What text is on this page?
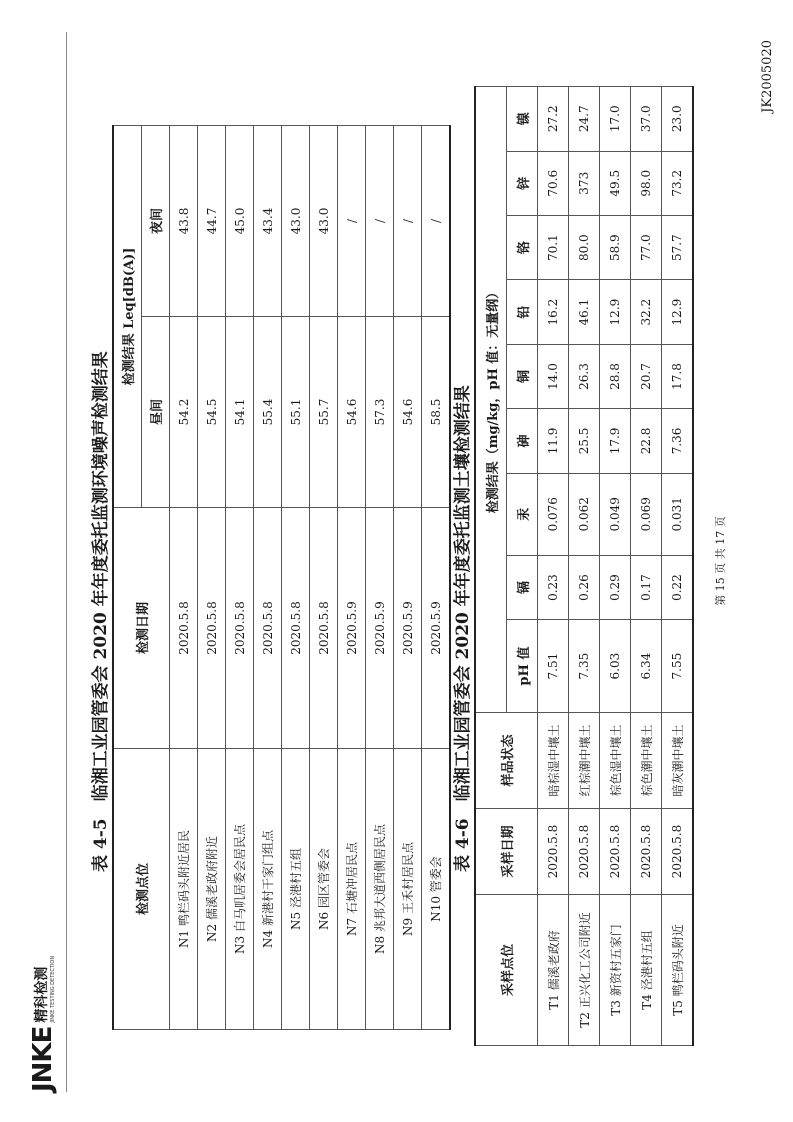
JNKE
精科检测 JINKE TESTING DETECTION
表 4-5　临湘工业园管委会 2020 年年度委托监测环境噪声检测结果
检测点位	检测日期	检测结果 Leq[dB(A)]	
		昼间	夜间
N1 鸭栏码头附近居民	2020.5.8	54.2	43.8
N2 儒溪老政府附近	2020.5.8	54.5	44.7
N3 白马叽居委会居民点	2020.5.8	54.1	45.0
N4 新港村干家门组点	2020.5.8	55.4	43.4
N5 泾港村五组	2020.5.8	55.1	43.0
N6 园区管委会	2020.5.8	55.7	43.0
N7 石塘冲居民点	2020.5.9	54.6	/
N8 兆邦大道西侧居民点	2020.5.9	57.3	/
N9 王禾村居民点	2020.5.9	54.6	/
N10 管委会	2020.5.9	58.5	/
表 4-6　临湘工业园管委会 2020 年年度委托监测土壤检测结果
采样点位	采样日期	样品状态	检测结果（mg/kg，pH 值：无量纲）								
			pH 值	镉	汞	砷	铜	铅	铬	锌	镍
T1 儒溪老政府	2020.5.8	暗棕湿中壤土	7.51	0.23	0.076	11.9	14.0	16.2	70.1	70.6	27.2
T2 正兴化工公司附近	2020.5.8	红棕潮中壤土	7.35	0.26	0.062	25.5	26.3	46.1	80.0	373	24.7
T3 新资村五家门	2020.5.8	棕色湿中壤土	6.03	0.29	0.049	17.9	28.8	12.9	58.9	49.5	17.0
T4 泾港村五组	2020.5.8	棕色潮中壤土	6.34	0.17	0.069	22.8	20.7	32.2	77.0	98.0	37.0
T5 鸭栏码头附近	2020.5.8	暗灰潮中壤土	7.55	0.22	0.031	7.36	17.8	12.9	57.7	73.2	23.0
第 15 页 共 17 页
JK2005020
